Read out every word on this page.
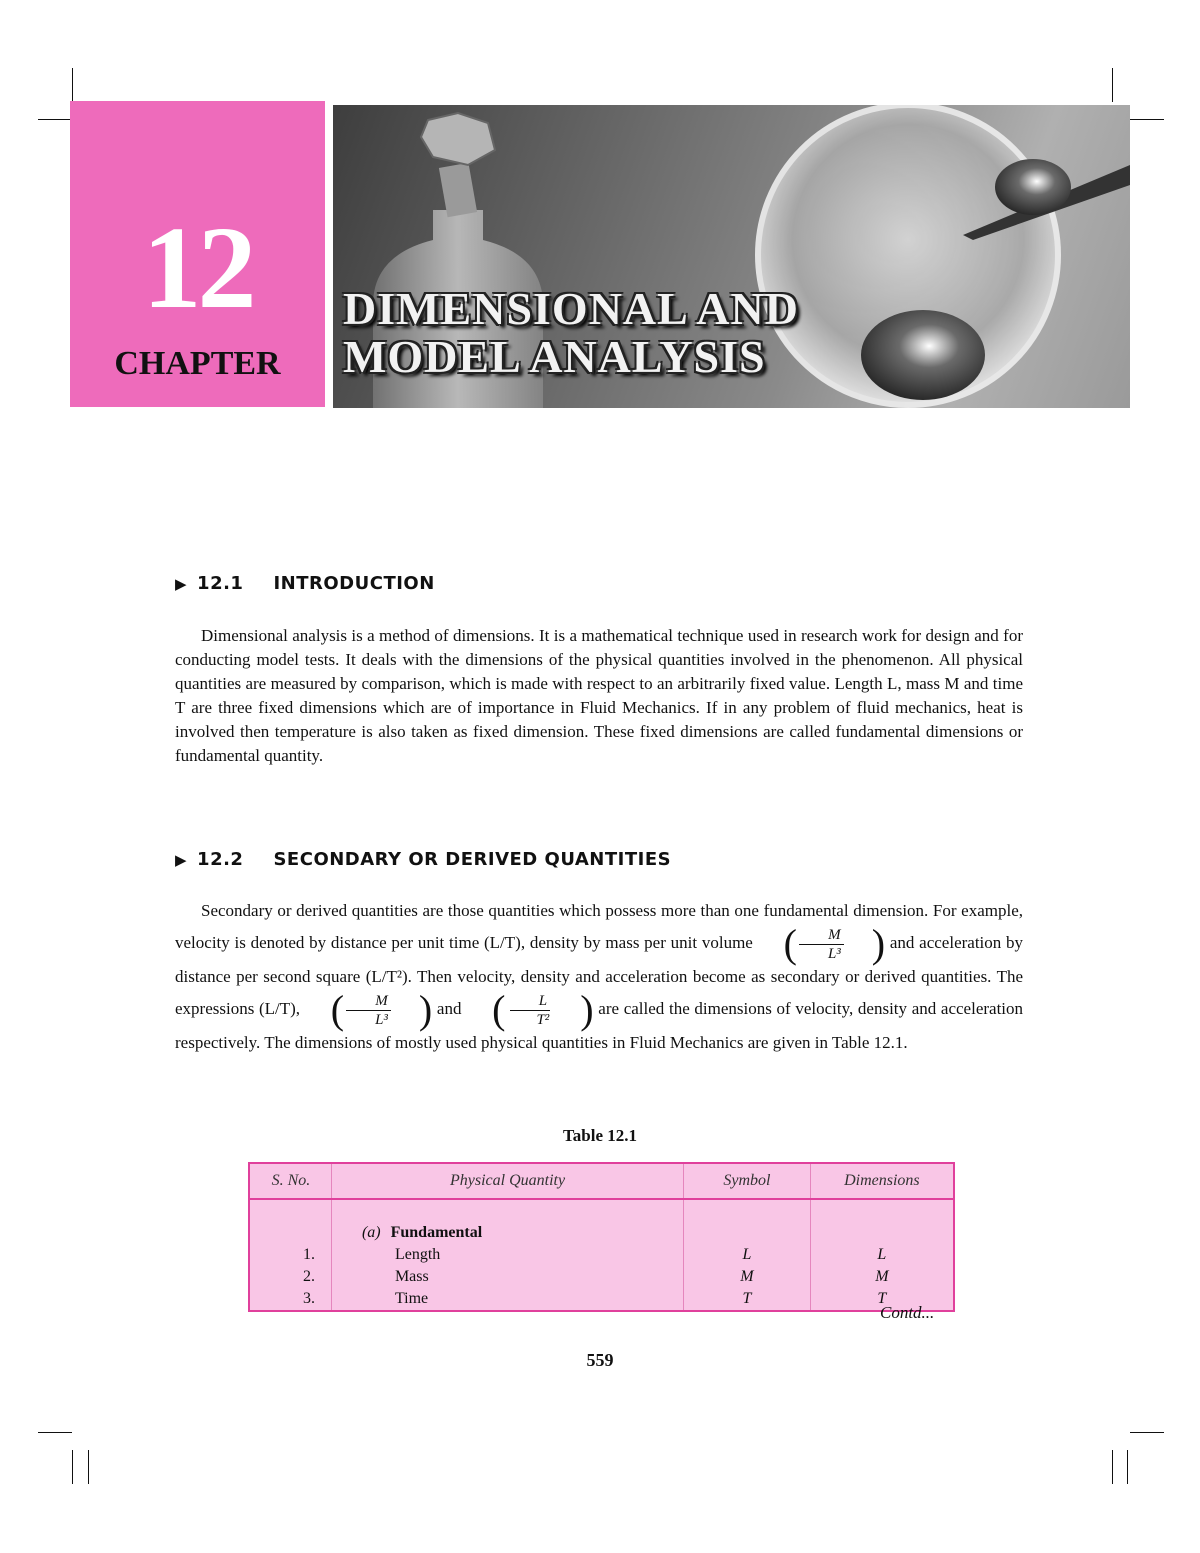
12
CHAPTER
DIMENSIONAL AND
MODEL ANALYSIS
▶ 12.1 INTRODUCTION

Dimensional analysis is a method of dimensions. It is a mathematical technique used in research work for design and for conducting model tests. It deals with the dimensions of the physical quantities involved in the phenomenon. All physical quantities are measured by comparison, which is made with respect to an arbitrarily fixed value. Length L, mass M and time T are three fixed dimensions which are of importance in Fluid Mechanics. If in any problem of fluid mechanics, heat is involved then temperature is also taken as fixed dimension. These fixed dimensions are called fundamental dimensions or fundamental quantity.

▶ 12.2 SECONDARY OR DERIVED QUANTITIES

Secondary or derived quantities are those quantities which possess more than one fundamental dimension. For example, velocity is denoted by distance per unit time (L/T), density by mass per unit volume ( $\frac{M}{\text{L³}}$ ) and acceleration by distance per second square (L/T²). Then velocity, density and acceleration become as secondary or derived quantities. The expressions (L/T), ( $\frac{M}{\text{L³}}$ ) and ( $\frac{L}{\text{T²}}$ ) are called the dimensions of velocity, density and acceleration respectively. The dimensions of mostly used physical quantities in Fluid Mechanics are given in Table 12.1.

Table 12.1
S. No.	Physical Quantity	Symbol	Dimensions

	(a) Fundamental		
1.	Length	L	L
2.	Mass	M	M
3.	Time	T	T
Contd...
559
